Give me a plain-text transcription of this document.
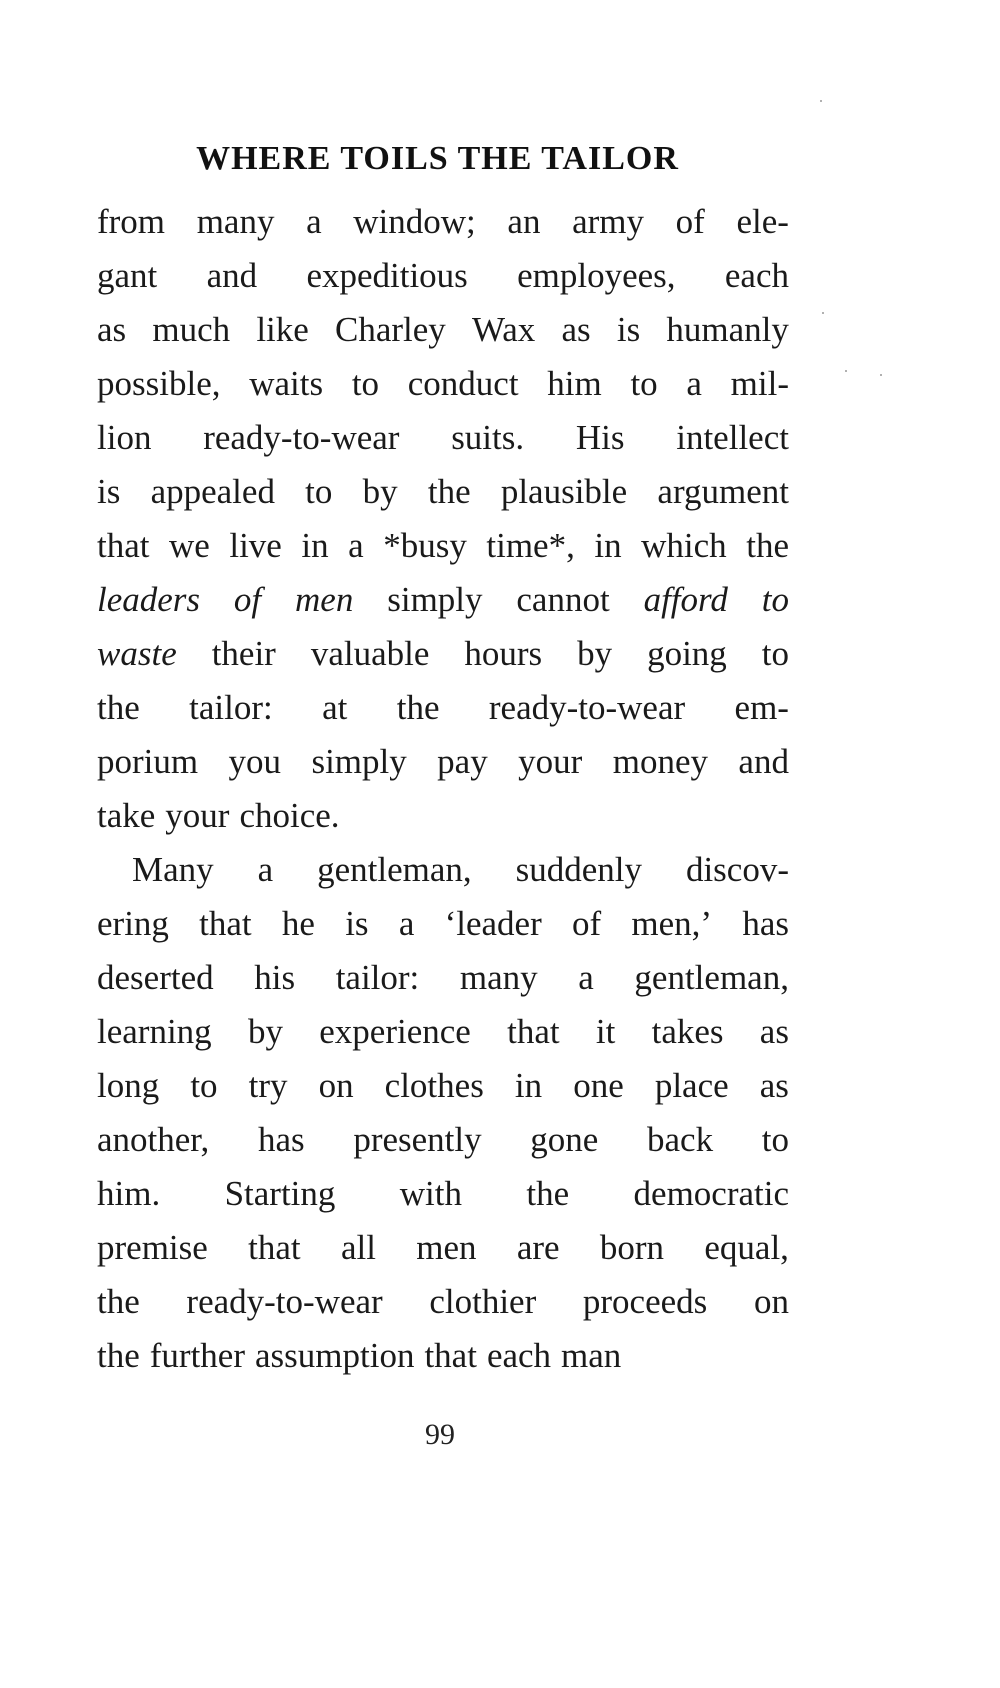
WHERE TOILS THE TAILOR
from many a window; an army of ele-
gant and expeditious employees, each
as much like Charley Wax as is humanly
possible, waits to conduct him to a mil-
lion ready-to-wear suits. His intellect
is appealed to by the plausible argument
that we live in a *busy time*, in which the
leaders of men simply cannot afford to
waste their valuable hours by going to
the tailor: at the ready-to-wear em-
porium you simply pay your money and
take your choice.
Many a gentleman, suddenly discov-
ering that he is a ‘leader of men,’ has
deserted his tailor: many a gentleman,
learning by experience that it takes as
long to try on clothes in one place as
another, has presently gone back to
him. Starting with the democratic
premise that all men are born equal,
the ready-to-wear clothier proceeds on
the further assumption that each man
99
